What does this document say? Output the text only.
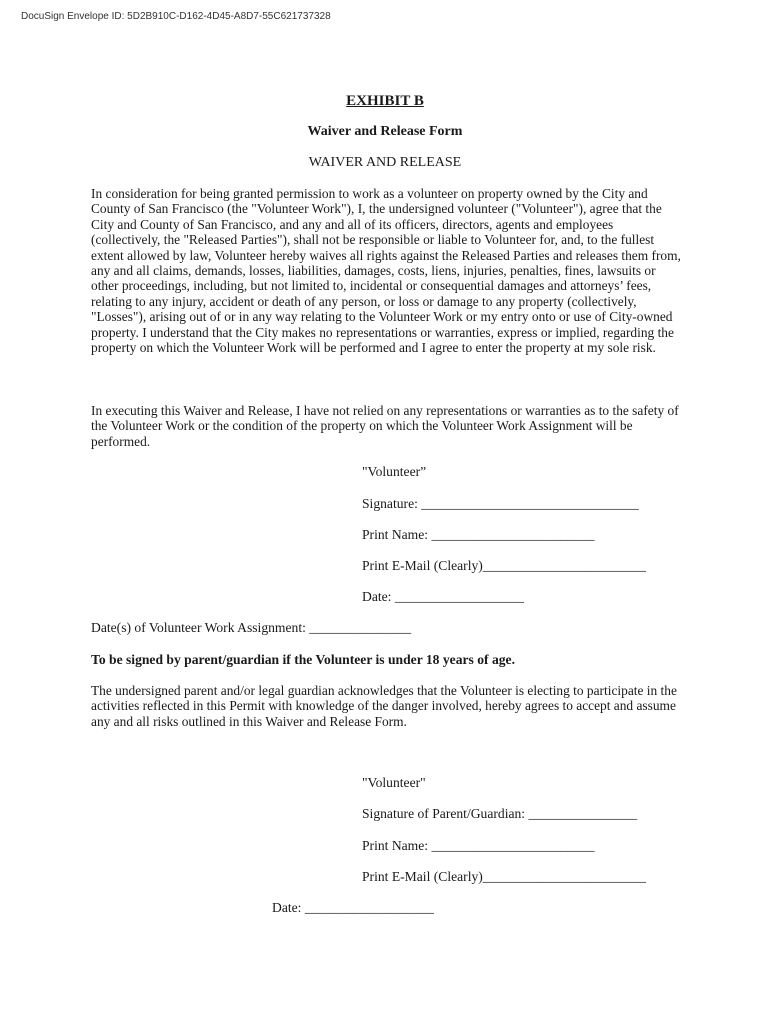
DocuSign Envelope ID: 5D2B910C-D162-4D45-A8D7-55C621737328
EXHIBIT B
Waiver and Release Form
WAIVER AND RELEASE

In consideration for being granted permission to work as a volunteer on property owned by the City and County of San Francisco (the "Volunteer Work"), I, the undersigned volunteer ("Volunteer"), agree that the City and County of San Francisco, and any and all of its officers, directors, agents and employees (collectively, the "Released Parties"), shall not be responsible or liable to Volunteer for, and, to the fullest extent allowed by law, Volunteer hereby waives all rights against the Released Parties and releases them from, any and all claims, demands, losses, liabilities, damages, costs, liens, injuries, penalties, fines, lawsuits or other proceedings, including, but not limited to, incidental or consequential damages and attorneys’ fees, relating to any injury, accident or death of any person, or loss or damage to any property (collectively, "Losses"), arising out of or in any way relating to the Volunteer Work or my entry onto or use of City-owned property. I understand that the City makes no representations or warranties, express or implied, regarding the property on which the Volunteer Work will be performed and I agree to enter the property at my sole risk.

In executing this Waiver and Release, I have not relied on any representations or warranties as to the safety of the Volunteer Work or the condition of the property on which the Volunteer Work Assignment will be performed.

"Volunteer”
Signature: ________________________________
Print Name: ________________________
Print E-Mail (Clearly)________________________
Date: ___________________
Date(s) of Volunteer Work Assignment: _______________
To be signed by parent/guardian if the Volunteer is under 18 years of age.

The undersigned parent and/or legal guardian acknowledges that the Volunteer is electing to participate in the activities reflected in this Permit with knowledge of the danger involved, hereby agrees to accept and assume any and all risks outlined in this Waiver and Release Form.

"Volunteer"
Signature of Parent/Guardian: ________________
Print Name: ________________________
Print E-Mail (Clearly)________________________
Date: ___________________
